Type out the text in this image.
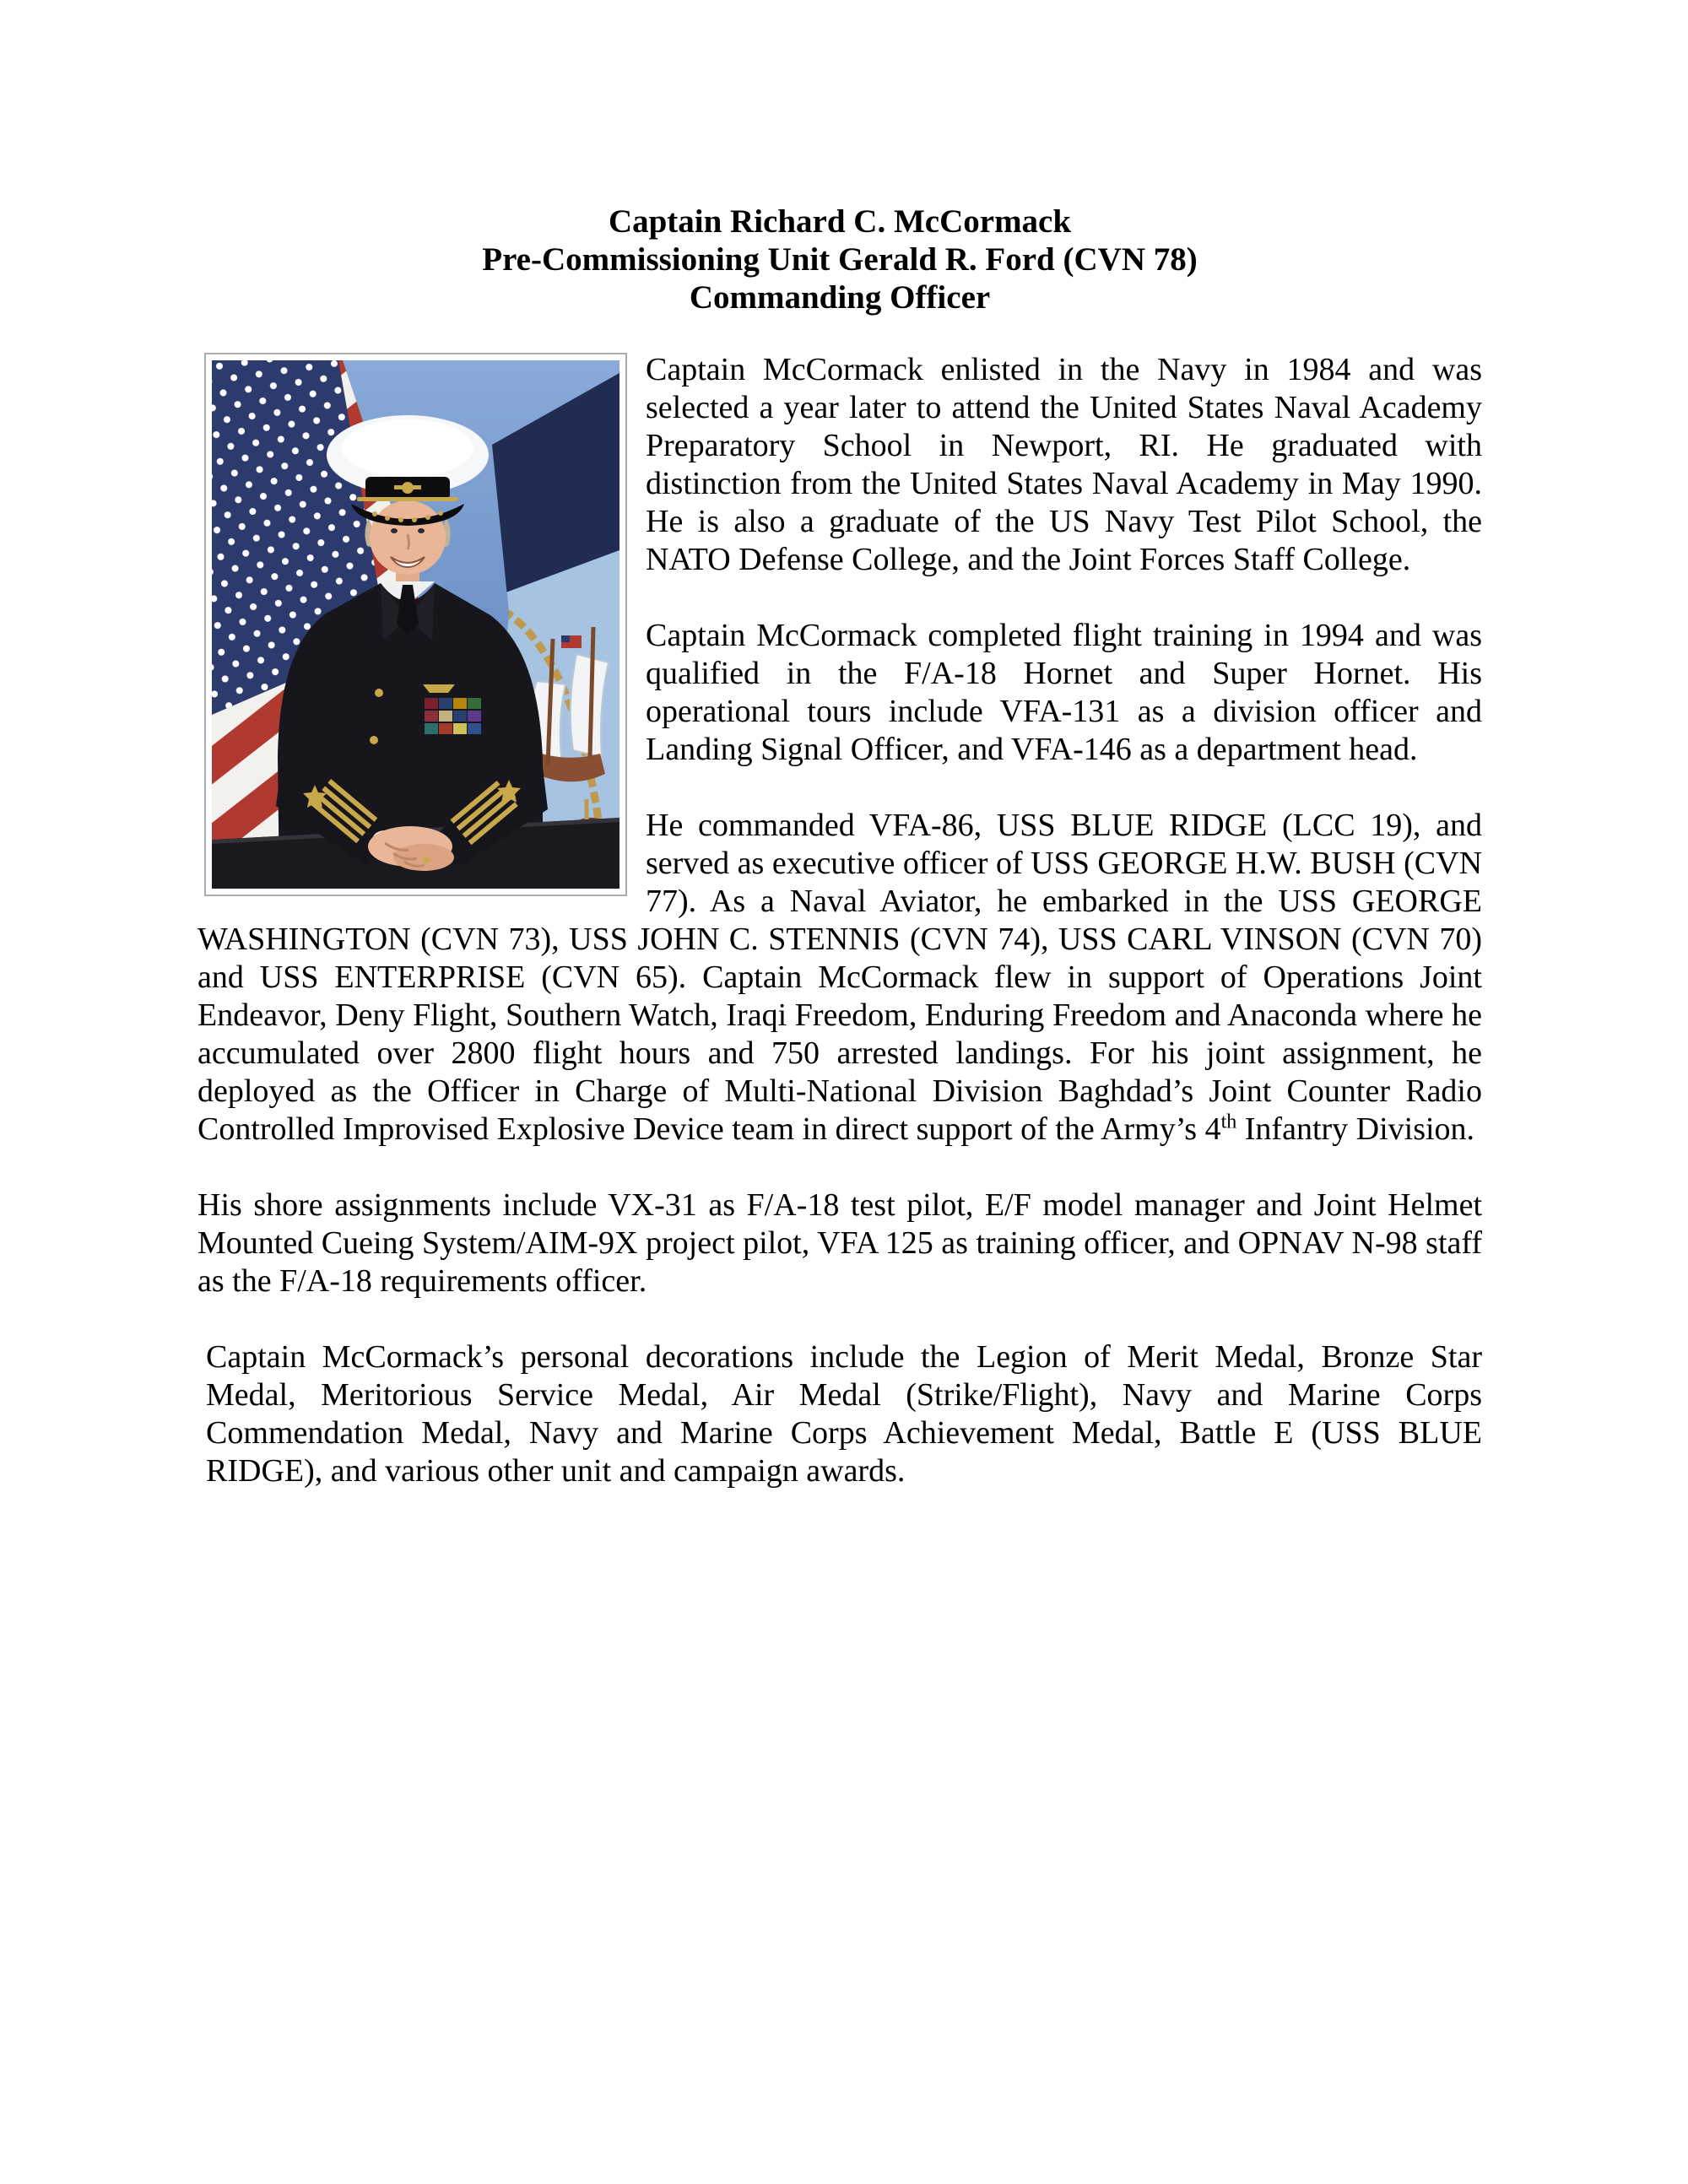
Captain Richard C. McCormack
Pre-Commissioning Unit Gerald R. Ford (CVN 78)
Commanding Officer

Captain McCormack enlisted in the Navy in 1984 and was selected a year later to attend the United States Naval Academy Preparatory School in Newport, RI. He graduated with distinction from the United States Naval Academy in May 1990. He is also a graduate of the US Navy Test Pilot School, the NATO Defense College, and the Joint Forces Staff College.

Captain McCormack completed flight training in 1994 and was qualified in the F/A-18 Hornet and Super Hornet. His operational tours include VFA-131 as a division officer and Landing Signal Officer, and VFA-146 as a department head.

He commanded VFA-86, USS BLUE RIDGE (LCC 19), and served as executive officer of USS GEORGE H.W. BUSH (CVN 77). As a Naval Aviator, he embarked in the USS GEORGE WASHINGTON (CVN 73), USS JOHN C. STENNIS (CVN 74), USS CARL VINSON (CVN 70) and USS ENTERPRISE (CVN 65). Captain McCormack flew in support of Operations Joint Endeavor, Deny Flight, Southern Watch, Iraqi Freedom, Enduring Freedom and Anaconda where he accumulated over 2800 flight hours and 750 arrested landings. For his joint assignment, he deployed as the Officer in Charge of Multi-National Division Baghdad’s Joint Counter Radio Controlled Improvised Explosive Device team in direct support of the Army’s 4th Infantry Division.

His shore assignments include VX-31 as F/A-18 test pilot, E/F model manager and Joint Helmet Mounted Cueing System/AIM-9X project pilot, VFA 125 as training officer, and OPNAV N-98 staff as the F/A-18 requirements officer.

Captain McCormack’s personal decorations include the Legion of Merit Medal, Bronze Star Medal, Meritorious Service Medal, Air Medal (Strike/Flight), Navy and Marine Corps Commendation Medal, Navy and Marine Corps Achievement Medal, Battle E (USS BLUE RIDGE), and various other unit and campaign awards.
